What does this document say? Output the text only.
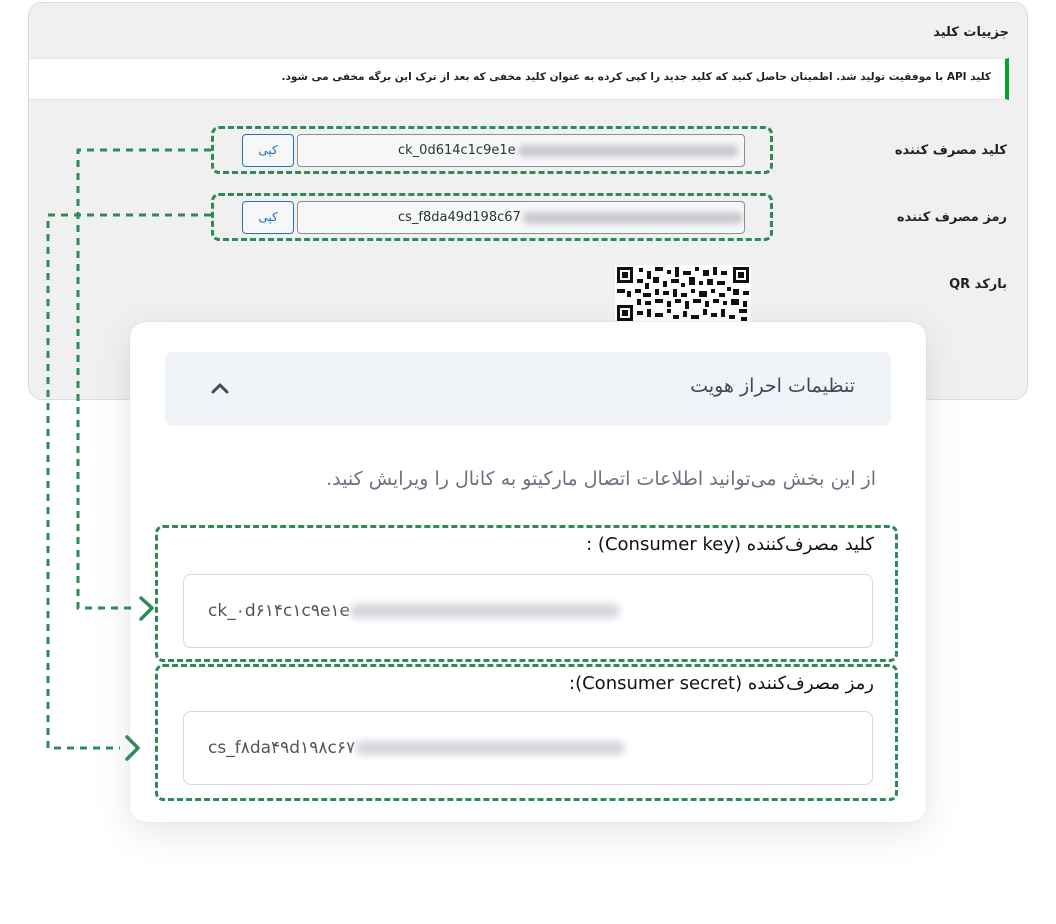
جزییات کلید
کلید API با موفقیت تولید شد. اطمینان حاصل کنید که کلید جدید را کپی کرده به عنوان کلید مخفی که بعد از ترک این برگه مخفی می شود.
کلید مصرف کننده
ck_0d614c1c9e1e
کپی
رمز مصرف کننده
cs_f8da49d198c67
کپی
بارکد QR
تنظیمات احراز هویت
از این بخش می‌توانید اطلاعات اتصال مارکیتو به کانال را ویرایش کنید.
کلید مصرف‌کننده (Consumer key) :
ck_۰d۶۱۴c۱c۹e۱e
رمز مصرف‌کننده (Consumer secret):
cs_f۸da۴۹d۱۹۸c۶۷
